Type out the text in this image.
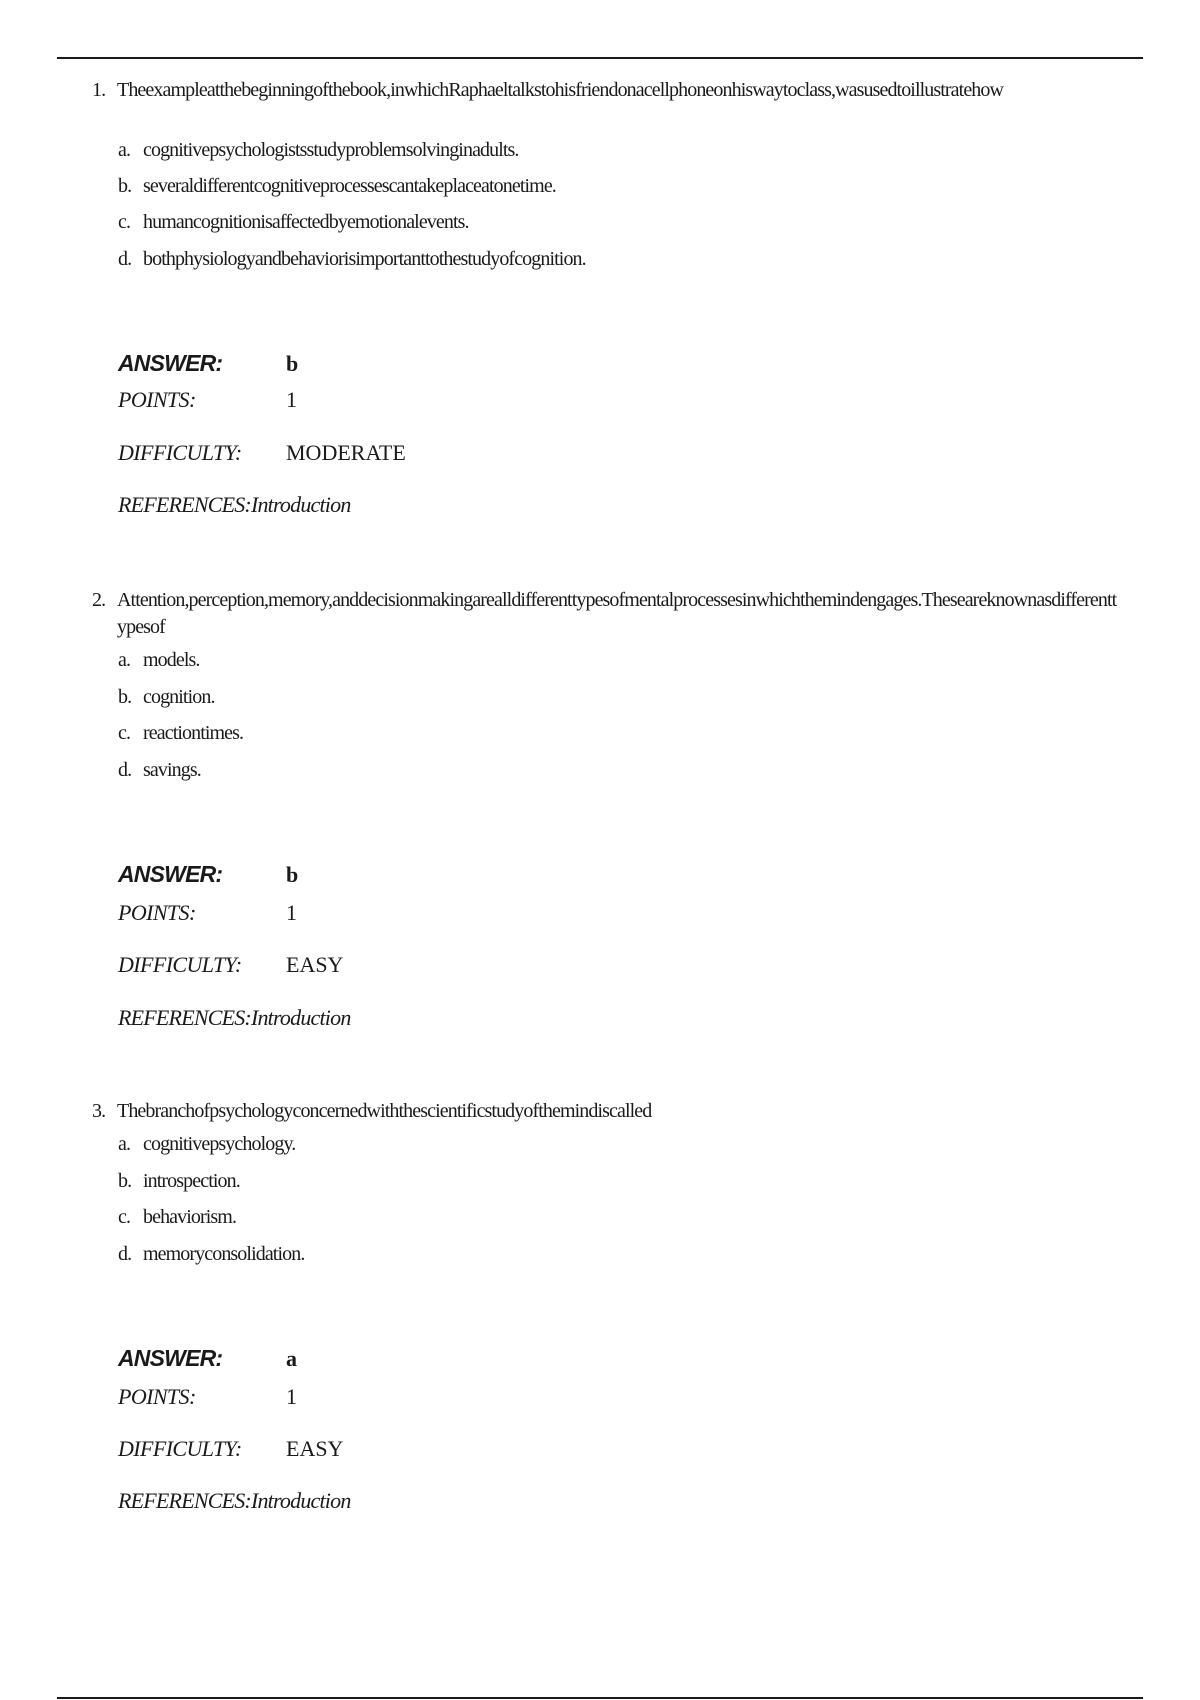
1. Theexampleatthebeginningofthebook,inwhichRaphaeltalkstohisfriendonacellphoneonhiswaytoclass,wasusedtoillustratehow
a. cognitivepsychologistsstudyproblemsolvinginadults.
b. severaldifferentcognitiveprocessescantakeplaceatonetime.
c. humancognitionisaffectedbyemotionalevents.
d. bothphysiologyandbehaviorisimportanttothestudyofcognition.
ANSWER:	b
POINTS:	1
DIFFICULTY: MODERATE
REFERENCES:Introduction
2. Attention,perception,memory,anddecisionmakingarealldifferenttypesofmentalprocessesinwhichthemindengages.Theseareknownasdifferenttypesof
a. models.
b. cognition.
c. reactiontimes.
d. savings.
ANSWER:	b
POINTS:	1
DIFFICULTY: EASY
REFERENCES:Introduction
3. Thebranchofpsychologyconcernedwiththescientificstudyofthemindiscalled
a. cognitivepsychology.
b. introspection.
c. behaviorism.
d. memoryconsolidation.
ANSWER:	a
POINTS:	1
DIFFICULTY: EASY
REFERENCES:Introduction
